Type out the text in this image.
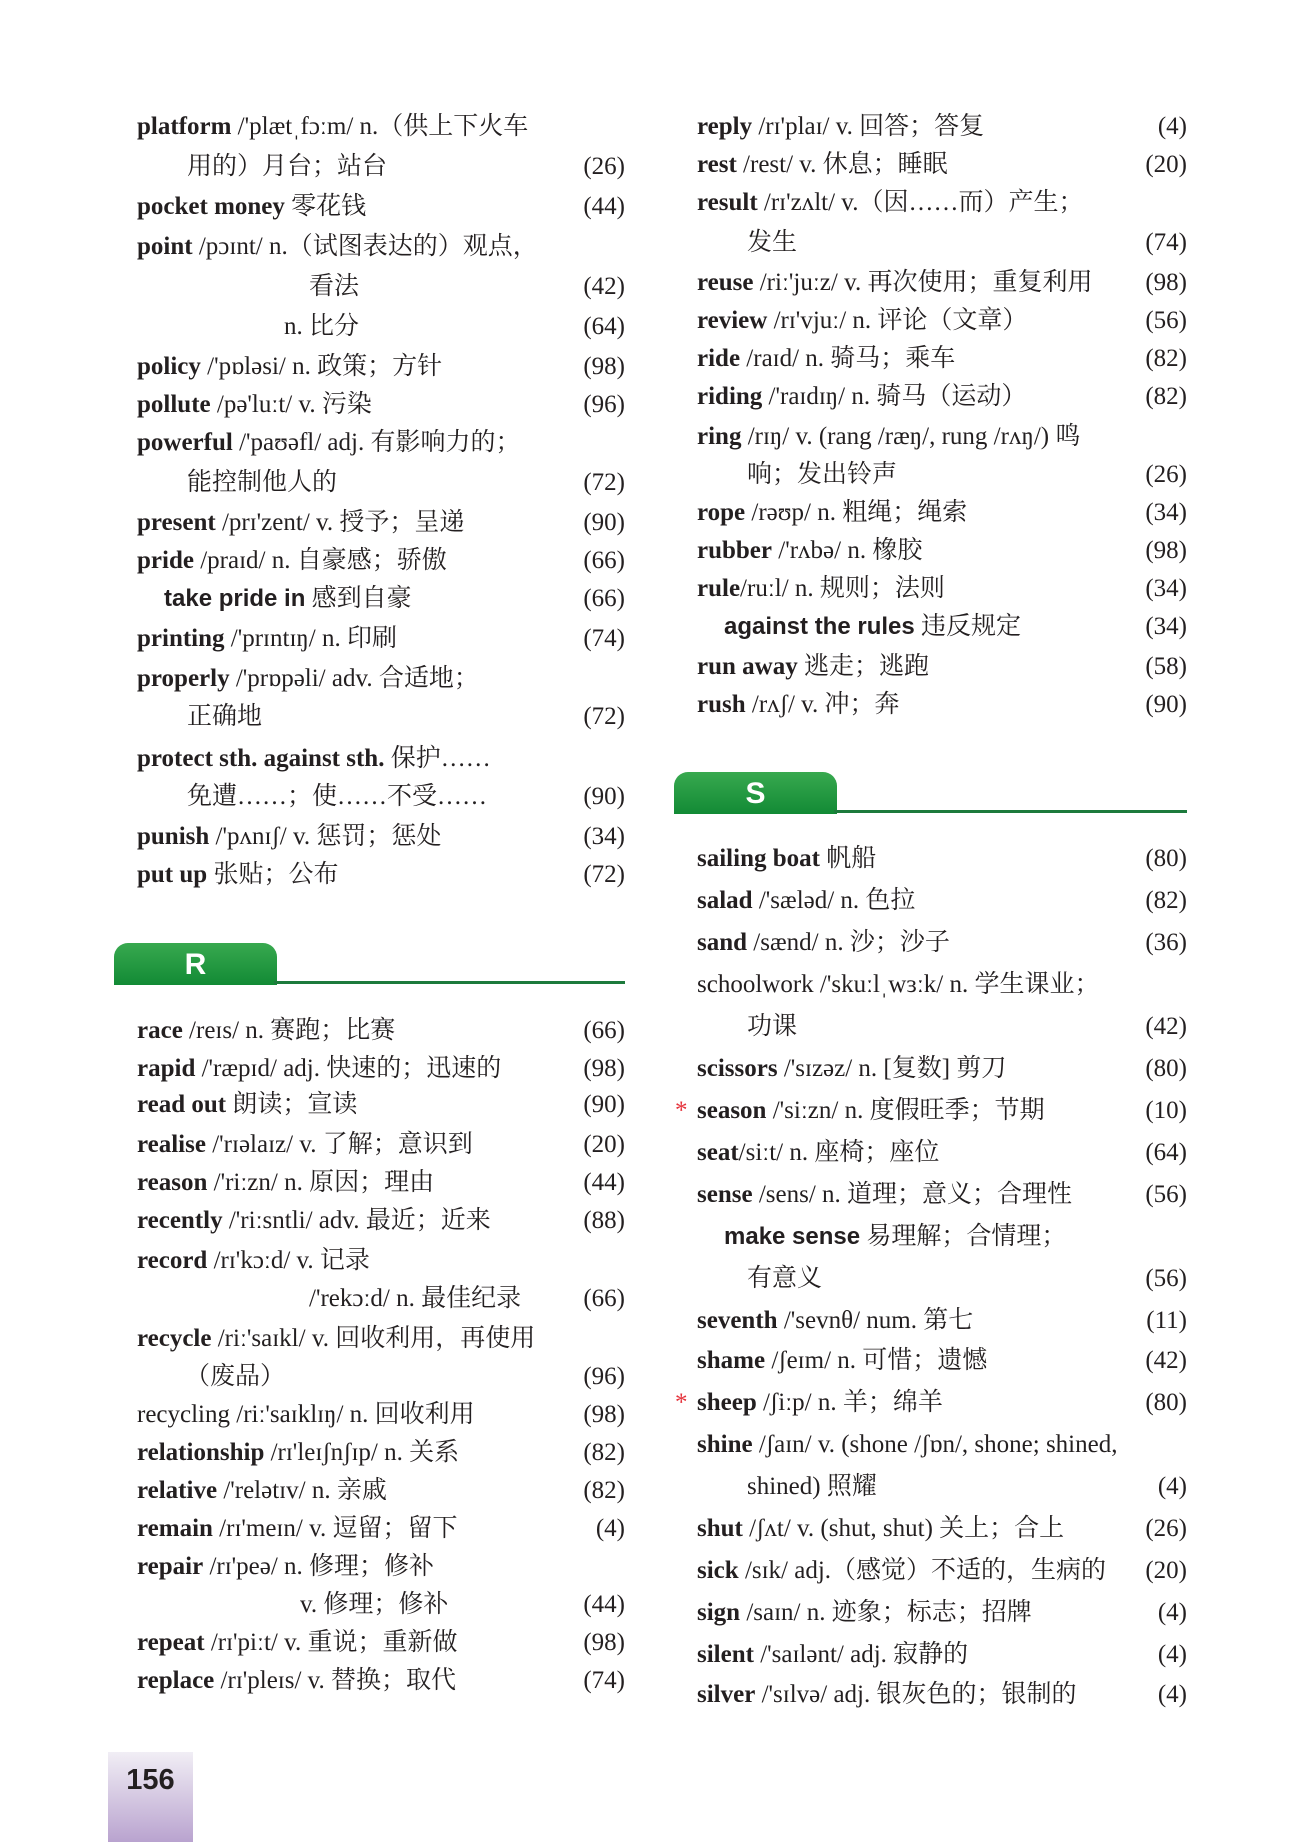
platform /'plætˌfɔːm/ n.（供上下火车
用的）月台；站台	(26)
pocket money 零花钱	(44)
point /pɔɪnt/ n.（试图表达的）观点，
看法	(42)
n. 比分	(64)
policy /'pɒləsi/ n. 政策；方针	(98)
pollute /pə'luːt/ v. 污染	(96)
powerful /'paʊəfl/ adj. 有影响力的；
能控制他人的	(72)
present /prɪ'zent/ v. 授予；呈递	(90)
pride /praɪd/ n. 自豪感；骄傲	(66)
take pride in 感到自豪	(66)
printing /'prɪntɪŋ/ n. 印刷	(74)
properly /'prɒpəli/ adv. 合适地；
正确地	(72)
protect sth. against sth. 保护……
免遭……；使……不受……	(90)
punish /'pʌnɪʃ/ v. 惩罚；惩处	(34)
put up 张贴；公布	(72)
R
race /reɪs/ n. 赛跑；比赛	(66)
rapid /'ræpɪd/ adj. 快速的；迅速的	(98)
read out 朗读；宣读	(90)
realise /'rɪəlaɪz/ v. 了解；意识到	(20)
reason /'riːzn/ n. 原因；理由	(44)
recently /'riːsntli/ adv. 最近；近来	(88)
record /rɪ'kɔːd/ v. 记录
/'rekɔːd/ n. 最佳纪录 (66)
recycle /riː'saɪkl/ v. 回收利用，再使用
（废品）	(96)
recycling /riː'saɪklɪŋ/ n. 回收利用	(98)
relationship /rɪ'leɪʃnʃɪp/ n. 关系	(82)
relative /'relətɪv/ n. 亲戚	(82)
remain /rɪ'meɪn/ v. 逗留；留下	(4)
repair /rɪ'peə/ n. 修理；修补
v. 修理；修补	(44)
repeat /rɪ'piːt/ v. 重说；重新做	(98)
replace /rɪ'pleɪs/ v. 替换；取代	(74)
reply /rɪ'plaɪ/ v. 回答；答复	(4)
rest /rest/ v. 休息；睡眠	(20)
result /rɪ'zʌlt/ v.（因……而）产生；
发生	(74)
reuse /riː'juːz/ v. 再次使用；重复利用 (98)
review /rɪ'vjuː/ n. 评论（文章）	(56)
ride /raɪd/ n. 骑马；乘车	(82)
riding /'raɪdɪŋ/ n. 骑马（运动）	(82)
ring /rɪŋ/ v. (rang /ræŋ/, rung /rʌŋ/) 鸣
响；发出铃声	(26)
rope /rəʊp/ n. 粗绳；绳索	(34)
rubber /'rʌbə/ n. 橡胶	(98)
rule/ruːl/ n. 规则；法则	(34)
against the rules 违反规定	(34)
run away 逃走；逃跑	(58)
rush /rʌʃ/ v. 冲；奔	(90)
S
sailing boat 帆船	(80)
salad /'sæləd/ n. 色拉	(82)
sand /sænd/ n. 沙；沙子	(36)
schoolwork /'skuːlˌwɜːk/ n. 学生课业；
功课	(42)
scissors /'sɪzəz/ n. [复数] 剪刀	(80)
* season /'siːzn/ n. 度假旺季；节期	(10)
seat/siːt/ n. 座椅；座位	(64)
sense /sens/ n. 道理；意义；合理性	(56)
make sense 易理解；合情理；
有意义	(56)
seventh /'sevnθ/ num. 第七	(11)
shame /ʃeɪm/ n. 可惜；遗憾	(42)
* sheep /ʃiːp/ n. 羊；绵羊	(80)
shine /ʃaɪn/ v. (shone /ʃɒn/, shone; shined,
shined) 照耀	(4)
shut /ʃʌt/ v. (shut, shut) 关上；合上	(26)
sick /sɪk/ adj.（感觉）不适的，生病的 (20)
sign /saɪn/ n. 迹象；标志；招牌	(4)
silent /'saɪlənt/ adj. 寂静的	(4)
silver /'sɪlvə/ adj. 银灰色的；银制的	(4)
156
